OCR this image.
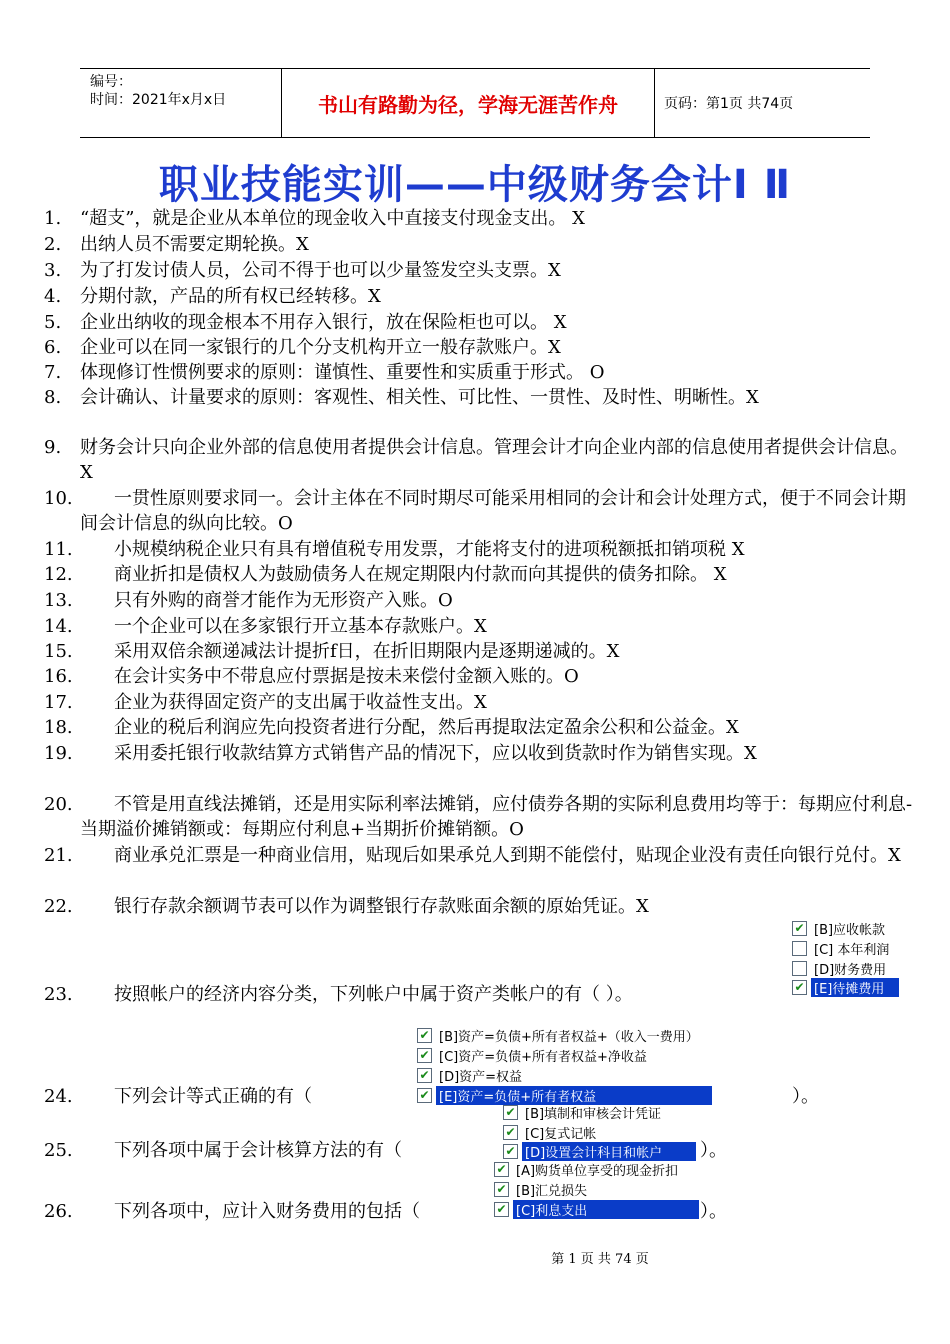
编号：
时间：2021年x月x日	书山有路勤为径，学海无涯苦作舟	页码：第1页 共74页
职业技能实训——中级财务会计Ⅰ Ⅱ
1.	“超支”，就是企业从本单位的现金收入中直接支付现金支出。 X
2.	出纳人员不需要定期轮换。X
3.	为了打发讨债人员，公司不得于也可以少量签发空头支票。X
4.	分期付款，产品的所有权已经转移。X
5.	企业出纳收的现金根本不用存入银行，放在保险柜也可以。 X
6.	企业可以在同一家银行的几个分支机构开立一般存款账户。X
7.	体现修订性惯例要求的原则：谨慎性、重要性和实质重于形式。 O
8.	会计确认、计量要求的原则：客观性、相关性、可比性、一贯性、及时性、明晰性。X
9.	财务会计只向企业外部的信息使用者提供会计信息。管理会计才向企业内部的信息使用者提供会计信息。X
10.	一贯性原则要求同一。会计主体在不同时期尽可能采用相同的会计和会计处理方式，便于不同会计期间会计信息的纵向比较。O
11.	小规模纳税企业只有具有增值税专用发票，才能将支付的进项税额抵扣销项税 X
12.	商业折扣是债权人为鼓励债务人在规定期限内付款而向其提供的债务扣除。 X
13.	只有外购的商誉才能作为无形资产入账。O
14.	一个企业可以在多家银行开立基本存款账户。X
15.	采用双倍余额递减法计提折f日，在折旧期限内是逐期递减的。X
16.	在会计实务中不带息应付票据是按未来偿付金额入账的。O
17.	企业为获得固定资产的支出属于收益性支出。X
18.	企业的税后利润应先向投资者进行分配，然后再提取法定盈余公积和公益金。X
19.	采用委托银行收款结算方式销售产品的情况下，应以收到货款时作为销售实现。X
20.	不管是用直线法摊销，还是用实际利率法摊销，应付债券各期的实际利息费用均等于：每期应付利息-当期溢价摊销额或：每期应付利息+当期折价摊销额。O
21.	商业承兑汇票是一种商业信用，贴现后如果承兑人到期不能偿付，贴现企业没有责任向银行兑付。X
22.	银行存款余额调节表可以作为调整银行存款账面余额的原始凭证。X
✔ [B]应收帐款
[C] 本年利润
[D]财务费用
✔ [E]待摊费用
23.	按照帐户的经济内容分类，下列帐户中属于资产类帐户的有（ ）。
✔ [B]资产=负债+所有者权益+（收入一费用）
✔ [C]资产=负债+所有者权益+净收益
✔ [D]资产=权益
✔ [E]资产=负债+所有者权益
24.	下列会计等式正确的有（	）。
✔ [B]填制和审核会计凭证
✔ [C]复式记帐
✔ [D]设置会计科目和帐户
25.	下列各项中属于会计核算方法的有（	）。
✔ [A]购货单位享受的现金折扣
✔ [B]汇兑损失
✔ [C]利息支出
26.	下列各项中，应计入财务费用的包括（	）。
第 1 页 共 74 页
